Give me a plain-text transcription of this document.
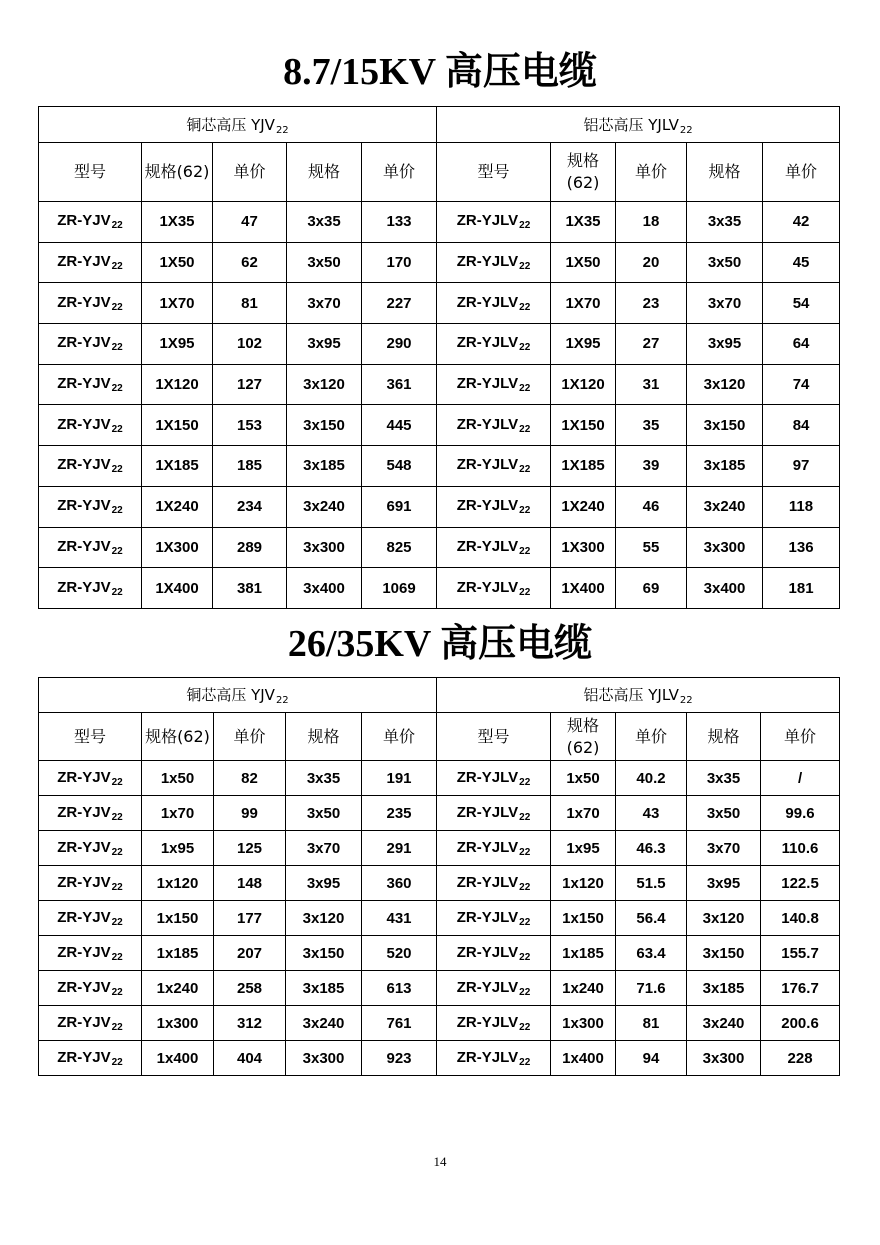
8.7/15KV 高压电缆
铜芯高压 $YJV_{22}$					铝芯高压 $YJLV_{22}$
型号	规格(62)	单价	规格	单价	型号	规格(62)	单价	规格	单价
$ZR-YJV_{22}$	1X35	47	3x35	133	$ZR-YJLV_{22}$	1X35	18	3x35	42
$ZR-YJV_{22}$	1X50	62	3x50	170	$ZR-YJLV_{22}$	1X50	20	3x50	45
$ZR-YJV_{22}$	1X70	81	3x70	227	$ZR-YJLV_{22}$	1X70	23	3x70	54
$ZR-YJV_{22}$	1X95	102	3x95	290	$ZR-YJLV_{22}$	1X95	27	3x95	64
$ZR-YJV_{22}$	1X120	127	3x120	361	$ZR-YJLV_{22}$	1X120	31	3x120	74
$ZR-YJV_{22}$	1X150	153	3x150	445	$ZR-YJLV_{22}$	1X150	35	3x150	84
$ZR-YJV_{22}$	1X185	185	3x185	548	$ZR-YJLV_{22}$	1X185	39	3x185	97
$ZR-YJV_{22}$	1X240	234	3x240	691	$ZR-YJLV_{22}$	1X240	46	3x240	118
$ZR-YJV_{22}$	1X300	289	3x300	825	$ZR-YJLV_{22}$	1X300	55	3x300	136
$ZR-YJV_{22}$	1X400	381	3x400	1069	$ZR-YJLV_{22}$	1X400	69	3x400	181
26/35KV 高压电缆
铜芯高压 $YJV_{22}$					铝芯高压 $YJLV_{22}$
型号	规格(62)	单价	规格	单价	型号	规格(62)	单价	规格	单价
$ZR-YJV_{22}$	1x50	82	3x35	191	$ZR-YJLV_{22}$	1x50	40.2	3x35	/
$ZR-YJV_{22}$	1x70	99	3x50	235	$ZR-YJLV_{22}$	1x70	43	3x50	99.6
$ZR-YJV_{22}$	1x95	125	3x70	291	$ZR-YJLV_{22}$	1x95	46.3	3x70	110.6
$ZR-YJV_{22}$	1x120	148	3x95	360	$ZR-YJLV_{22}$	1x120	51.5	3x95	122.5
$ZR-YJV_{22}$	1x150	177	3x120	431	$ZR-YJLV_{22}$	1x150	56.4	3x120	140.8
$ZR-YJV_{22}$	1x185	207	3x150	520	$ZR-YJLV_{22}$	1x185	63.4	3x150	155.7
$ZR-YJV_{22}$	1x240	258	3x185	613	$ZR-YJLV_{22}$	1x240	71.6	3x185	176.7
$ZR-YJV_{22}$	1x300	312	3x240	761	$ZR-YJLV_{22}$	1x300	81	3x240	200.6
$ZR-YJV_{22}$	1x400	404	3x300	923	$ZR-YJLV_{22}$	1x400	94	3x300	228
14
